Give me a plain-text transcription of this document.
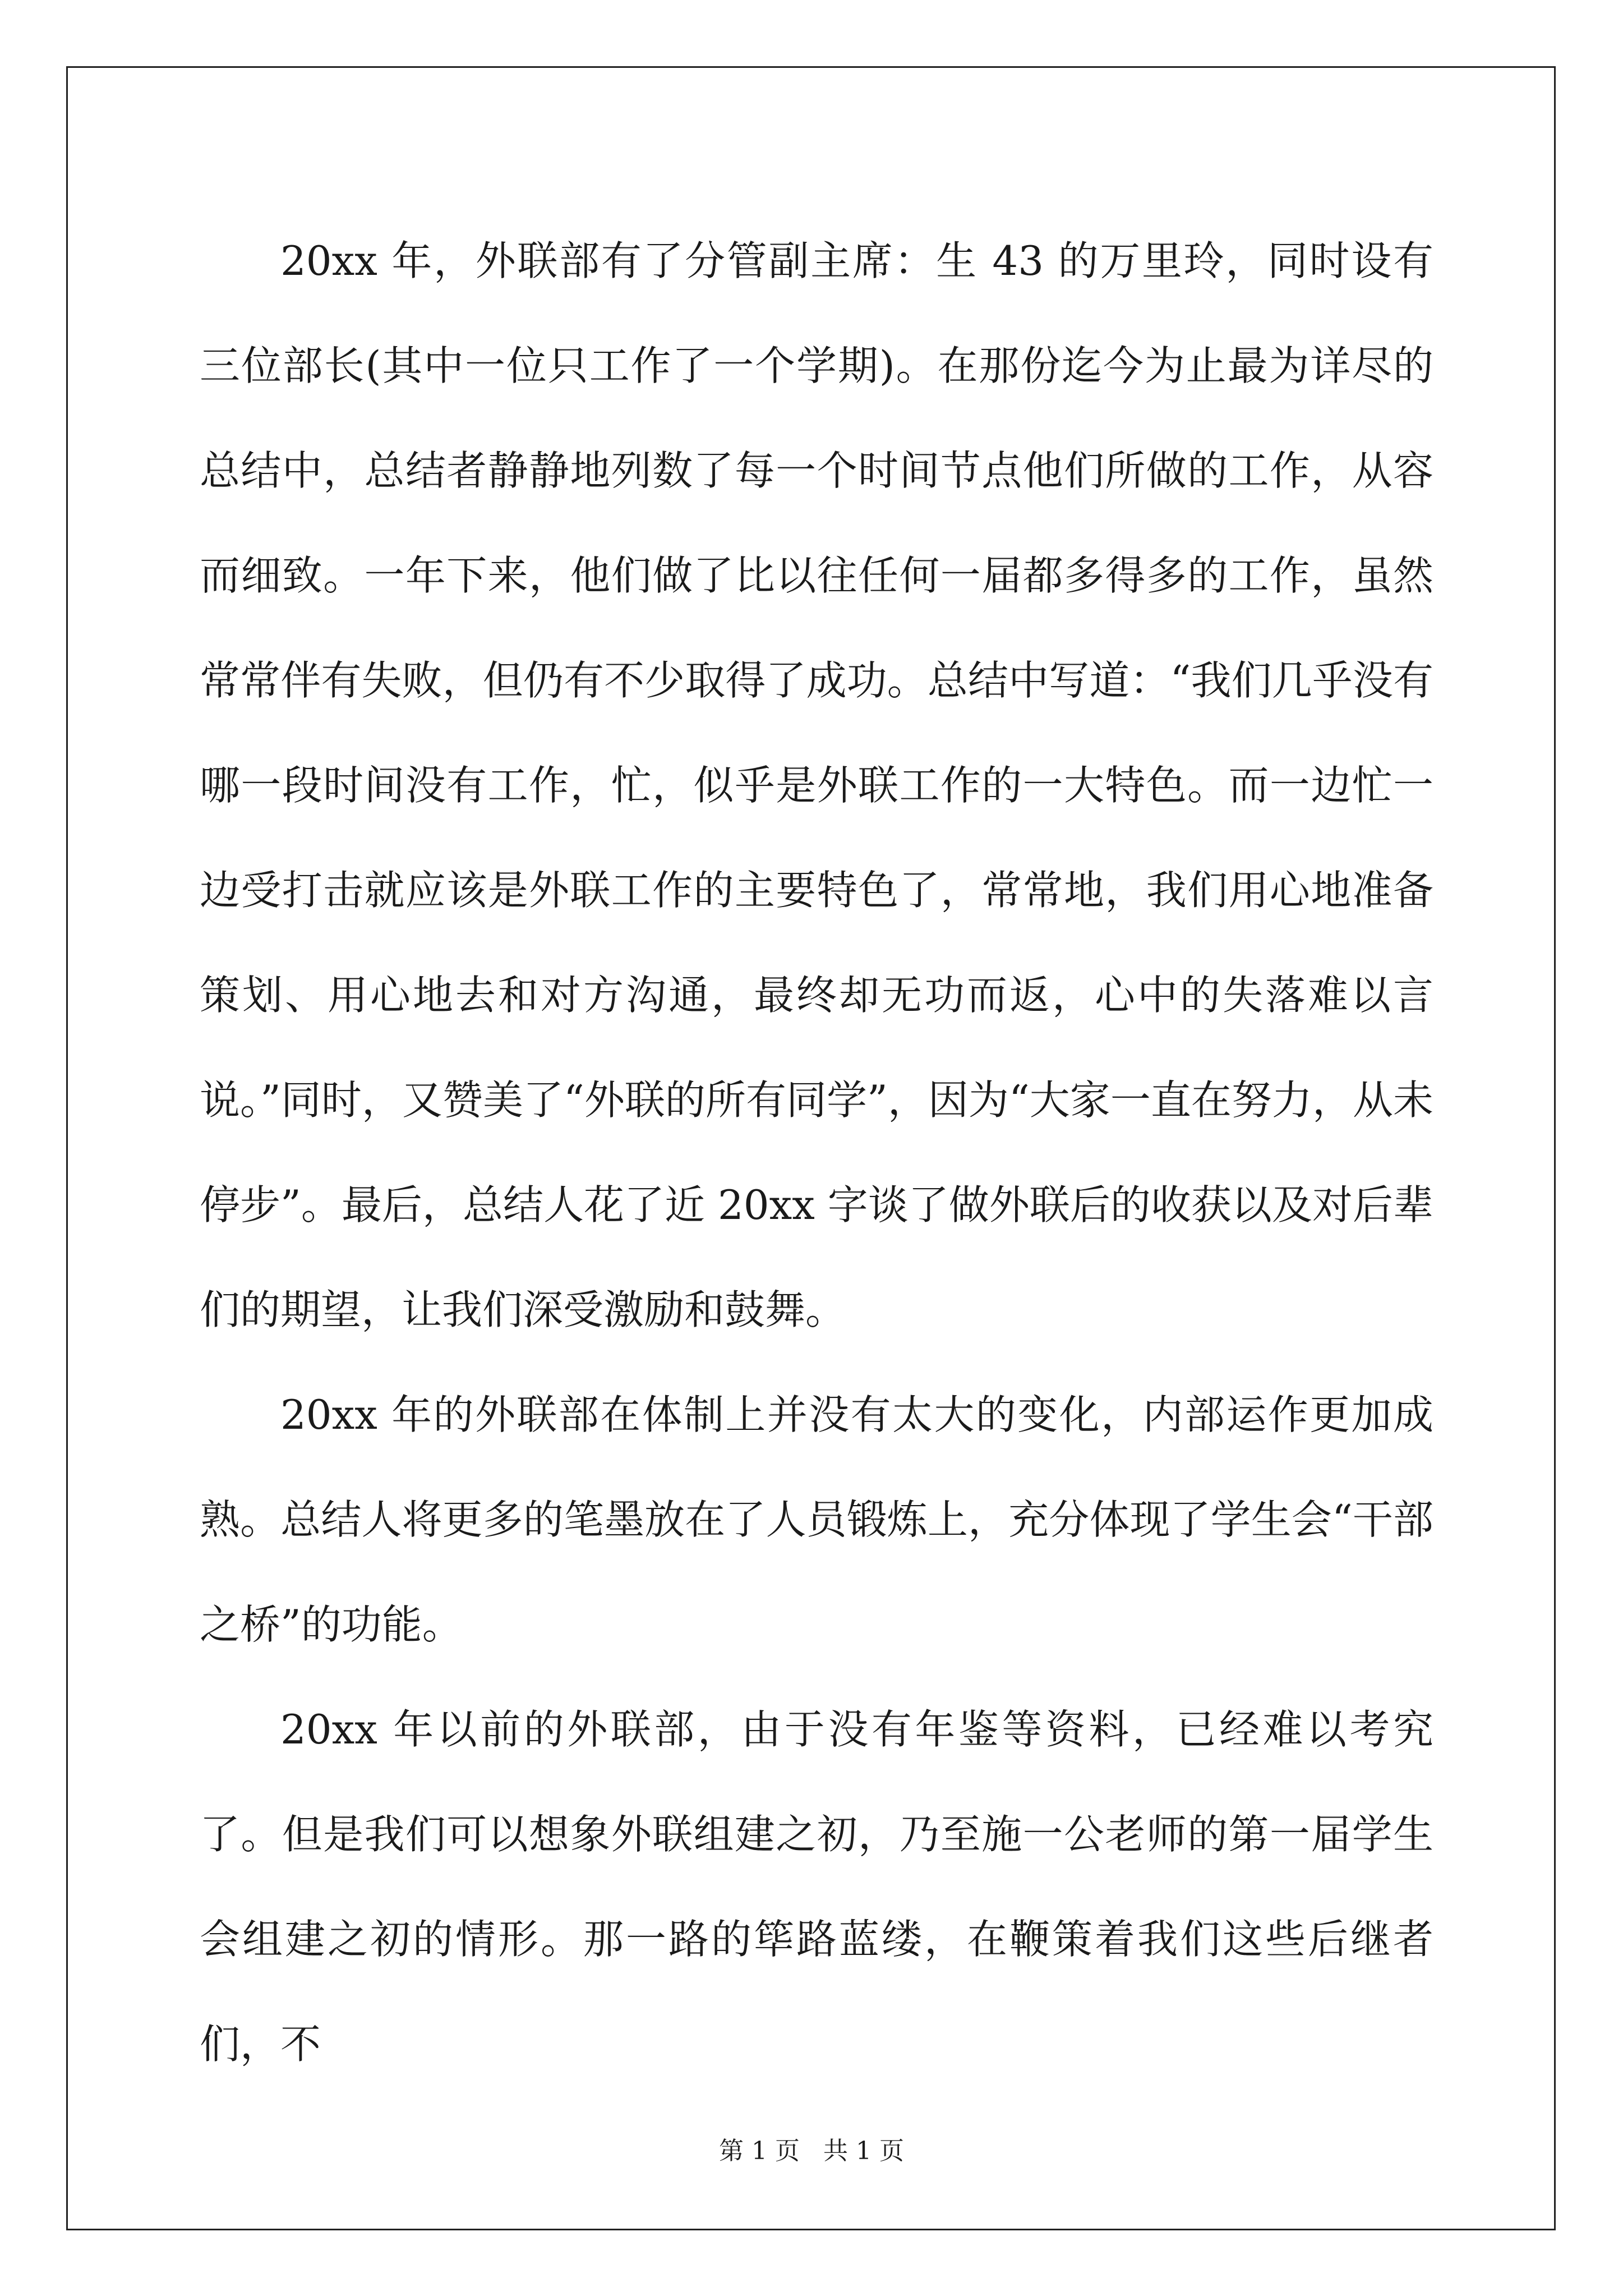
20xx 年，外联部有了分管副主席：生 43 的万里玲，同时设有三位部长(其中一位只工作了一个学期)。在那份迄今为止最为详尽的总结中，总结者静静地列数了每一个时间节点他们所做的工作，从容而细致。一年下来，他们做了比以往任何一届都多得多的工作，虽然常常伴有失败，但仍有不少取得了成功。总结中写道：“我们几乎没有哪一段时间没有工作，忙，似乎是外联工作的一大特色。而一边忙一边受打击就应该是外联工作的主要特色了，常常地，我们用心地准备策划、用心地去和对方沟通，最终却无功而返，心中的失落难以言说。”同时，又赞美了“外联的所有同学”，因为“大家一直在努力，从未停步”。最后，总结人花了近 20xx 字谈了做外联后的收获以及对后辈们的期望，让我们深受激励和鼓舞。

20xx 年的外联部在体制上并没有太大的变化，内部运作更加成熟。总结人将更多的笔墨放在了人员锻炼上，充分体现了学生会“干部之桥”的功能。

20xx 年以前的外联部，由于没有年鉴等资料，已经难以考究了。但是我们可以想象外联组建之初，乃至施一公老师的第一届学生会组建之初的情形。那一路的筚路蓝缕，在鞭策着我们这些后继者们，不

第 1 页   共 1 页
